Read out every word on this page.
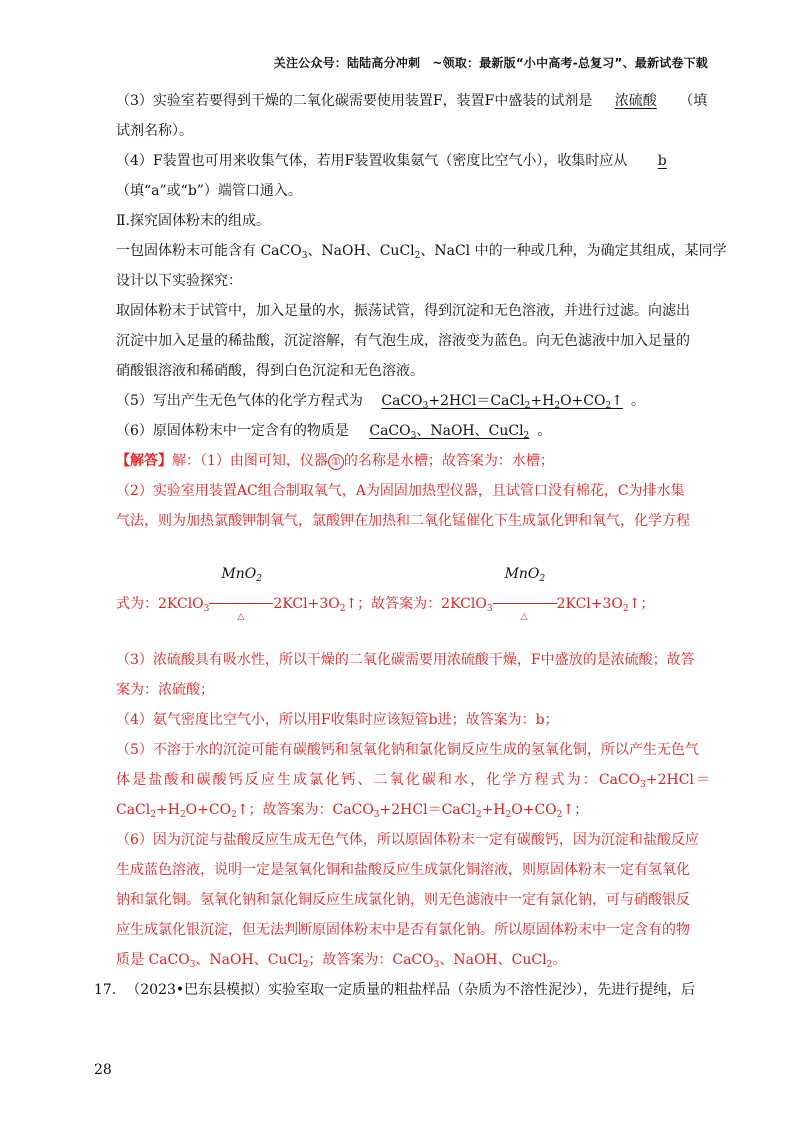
关注公众号：陆陆高分冲刺　~领取：最新版“小中高考-总复习”、最新试卷下载
（3）实验室若要得到干燥的二氧化碳需要使用装置F，装置F中盛装的试剂是 浓硫酸 （填
试剂名称）。
（4）F装置也可用来收集气体，若用F装置收集氨气（密度比空气小），收集时应从 b
（填“a”或“b”）端管口通入。
Ⅱ.探究固体粉末的组成。
一包固体粉末可能含有 CaCO$_3$、NaOH、CuCl$_2$、NaCl 中的一种或几种，为确定其组成，某同学
设计以下实验探究：
取固体粉末于试管中，加入足量的水，振荡试管，得到沉淀和无色溶液，并进行过滤。向滤出
沉淀中加入足量的稀盐酸，沉淀溶解，有气泡生成，溶液变为蓝色。向无色滤液中加入足量的
硝酸银溶液和稀硝酸，得到白色沉淀和无色溶液。
（5）写出产生无色气体的化学方程式为 $CaCO_3+2HCl=CaCl_2+H_2O+CO_2↑$ 。
（6）原固体粉末中一定含有的物质是 CaCO$_3$、NaOH、CuCl$_2$ 。
【解答】解：（1）由图可知，仪器 ① 的名称是水槽；故答案为：水槽；
（2）实验室用装置AC组合制取氧气，A为固固加热型仪器，且试管口没有棉花，C为排水集
气法，则为加热氯酸钾制氧气，氯酸钾在加热和二氧化锰催化下生成氯化钾和氧气，化学方程
式为：2KClO$_3$
MnO$_2$
△
$2KCl+3O_2↑$；故答案为：2KClO$_3$
MnO$_2$
△
$2KCl+3O_2↑$；
（3）浓硫酸具有吸水性，所以干燥的二氧化碳需要用浓硫酸干燥，F中盛放的是浓硫酸；故答
案为：浓硫酸；
（4）氨气密度比空气小，所以用F收集时应该短管b进；故答案为：b；
（5）不溶于水的沉淀可能有碳酸钙和氢氧化钠和氯化铜反应生成的氢氧化铜，所以产生无色气
体是盐酸和碳酸钙反应生成氯化钙、二氧化碳和水，化学方程式为：CaCO$_3$+2HCl＝
$CaCl_2+H_2O+CO_2↑$；故答案为：$CaCO_3+2HCl=CaCl_2+H_2O+CO_2↑$；
（6）因为沉淀与盐酸反应生成无色气体，所以原固体粉末一定有碳酸钙，因为沉淀和盐酸反应
生成蓝色溶液，说明一定是氢氧化铜和盐酸反应生成氯化铜溶液，则原固体粉末一定有氢氧化
钠和氯化铜。氢氧化钠和氯化铜反应生成氯化钠，则无色滤液中一定有氯化钠，可与硝酸银反
应生成氯化银沉淀，但无法判断原固体粉末中是否有氯化钠。所以原固体粉末中一定含有的物
质是 CaCO$_3$、NaOH、CuCl$_2$；故答案为：CaCO$_3$、NaOH、CuCl$_2$。
17. （2023•巴东县模拟）实验室取一定质量的粗盐样品（杂质为不溶性泥沙），先进行提纯，后
28
